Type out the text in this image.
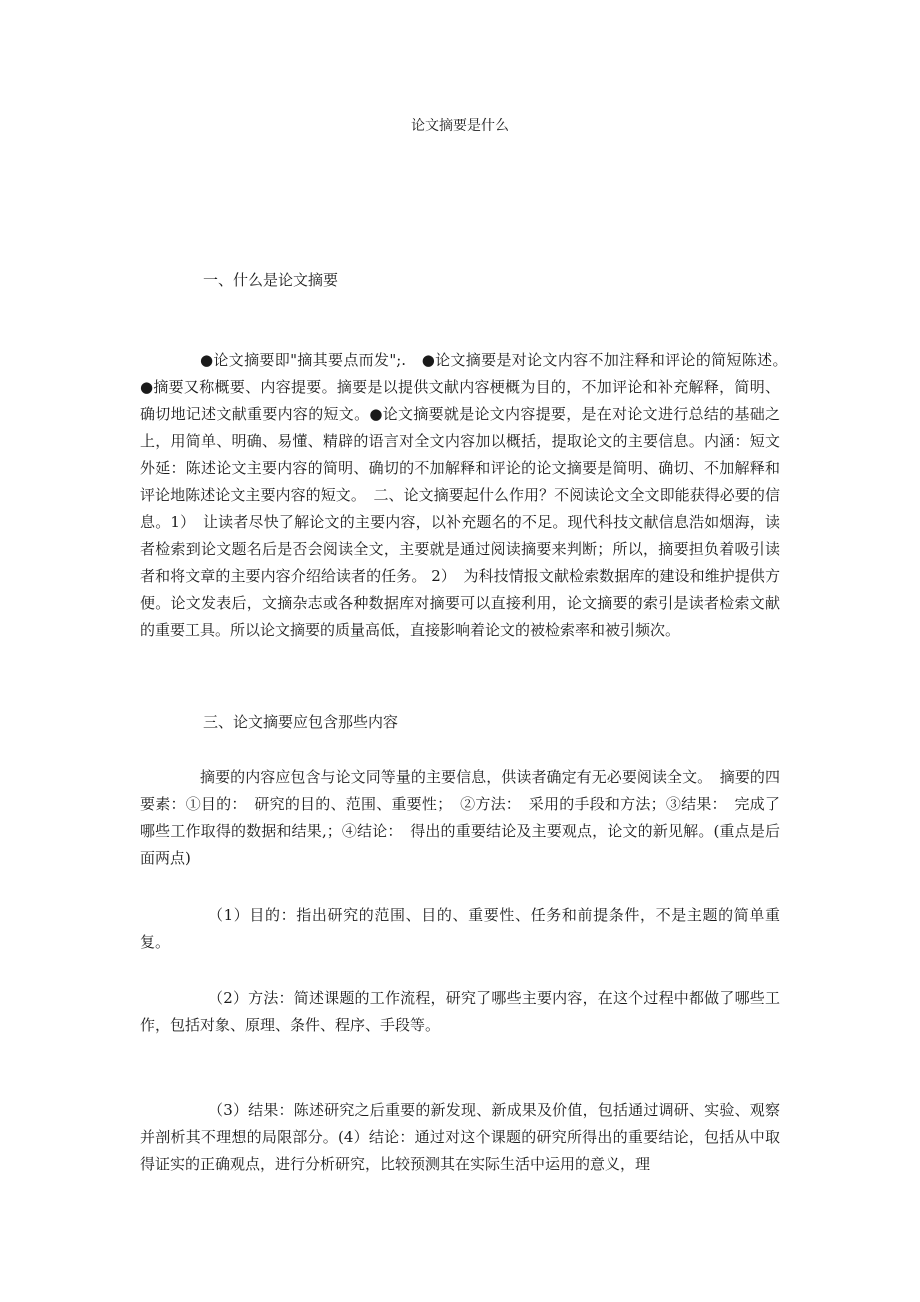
论文摘要是什么
一、什么是论文摘要

●论文摘要即"摘其要点而发";.　●论文摘要是对论文内容不加注释和评论的简短陈述。　●摘要又称概要、内容提要。摘要是以提供文献内容梗概为目的，不加评论和补充解释，简明、确切地记述文献重要内容的短文。●论文摘要就是论文内容提要，是在对论文进行总结的基础之上，用简单、明确、易懂、精辟的语言对全文内容加以概括，提取论文的主要信息。内涵：短文外延：陈述论文主要内容的简明、确切的不加解释和评论的论文摘要是简明、确切、不加解释和评论地陈述论文主要内容的短文。　二、论文摘要起什么作用？不阅读论文全文即能获得必要的信息。1）　让读者尽快了解论文的主要内容，以补充题名的不足。现代科技文献信息浩如烟海，读者检索到论文题名后是否会阅读全文，主要就是通过阅读摘要来判断；所以，摘要担负着吸引读者和将文章的主要内容介绍给读者的任务。 2）　为科技情报文献检索数据库的建设和维护提供方便。论文发表后，文摘杂志或各种数据库对摘要可以直接利用，论文摘要的索引是读者检索文献的重要工具。所以论文摘要的质量高低，直接影响着论文的被检索率和被引频次。

三、论文摘要应包含那些内容

摘要的内容应包含与论文同等量的主要信息，供读者确定有无必要阅读全文。　摘要的四要素：①目的：　研究的目的、范围、重要性；　②方法：　采用的手段和方法；③结果：　完成了哪些工作取得的数据和结果,；④结论：　得出的重要结论及主要观点，论文的新见解。(重点是后面两点)

（1）目的：指出研究的范围、目的、重要性、任务和前提条件，不是主题的简单重复。

（2）方法：简述课题的工作流程，研究了哪些主要内容，在这个过程中都做了哪些工作，包括对象、原理、条件、程序、手段等。

（3）结果：陈述研究之后重要的新发现、新成果及价值，包括通过调研、实验、观察并剖析其不理想的局限部分。(4）结论：通过对这个课题的研究所得出的重要结论，包括从中取得证实的正确观点，进行分析研究，比较预测其在实际生活中运用的意义，理
